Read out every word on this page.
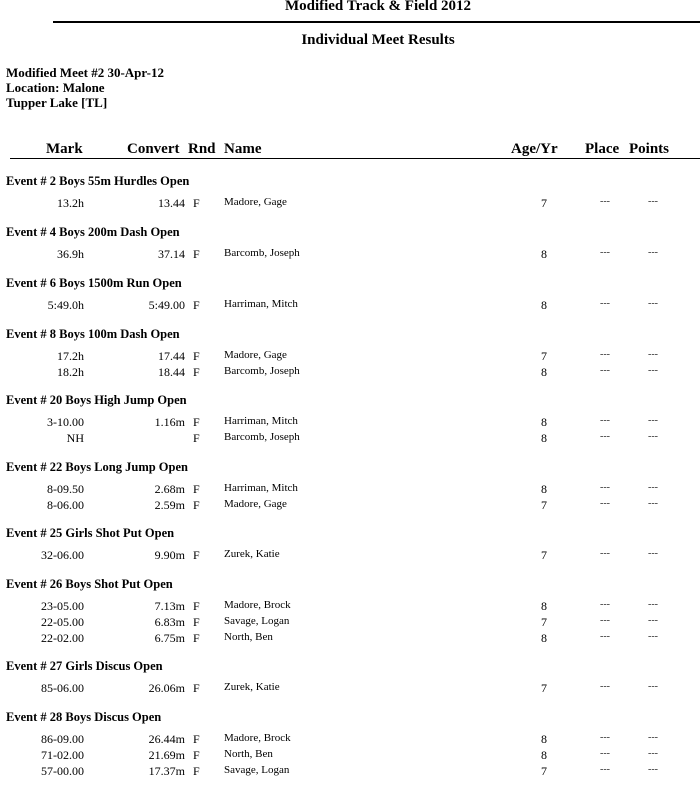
Modified Track & Field 2012
Individual Meet Results
Modified Meet #2 30-Apr-12
Location: Malone
Tupper Lake [TL]
Mark	Convert Rnd Name	Age/Yr Place Points
Event # 2 Boys 55m Hurdles Open
13.2h	13.44 F Madore, Gage	7	---	---
Event # 4 Boys 200m Dash Open
36.9h	37.14 F Barcomb, Joseph	8	---	---
Event # 6 Boys 1500m Run Open
5:49.0h	5:49.00 F Harriman, Mitch	8	---	---
Event # 8 Boys 100m Dash Open
17.2h	17.44 F Madore, Gage	7	---	---
18.2h	18.44 F Barcomb, Joseph	8	---	---
Event # 20 Boys High Jump Open
3-10.00	1.16m F Harriman, Mitch	8	---	---
NH	F Barcomb, Joseph	8	---	---
Event # 22 Boys Long Jump Open
8-09.50	2.68m F Harriman, Mitch	8	---	---
8-06.00	2.59m F Madore, Gage	7	---	---
Event # 25 Girls Shot Put Open
32-06.00	9.90m F Zurek, Katie	7	---	---
Event # 26 Boys Shot Put Open
23-05.00	7.13m F Madore, Brock	8	---	---
22-05.00	6.83m F Savage, Logan	7	---	---
22-02.00	6.75m F North, Ben	8	---	---
Event # 27 Girls Discus Open
85-06.00	26.06m F Zurek, Katie	7	---	---
Event # 28 Boys Discus Open
86-09.00	26.44m F Madore, Brock	8	---	---
71-02.00	21.69m F North, Ben	8	---	---
57-00.00	17.37m F Savage, Logan	7	---	---
